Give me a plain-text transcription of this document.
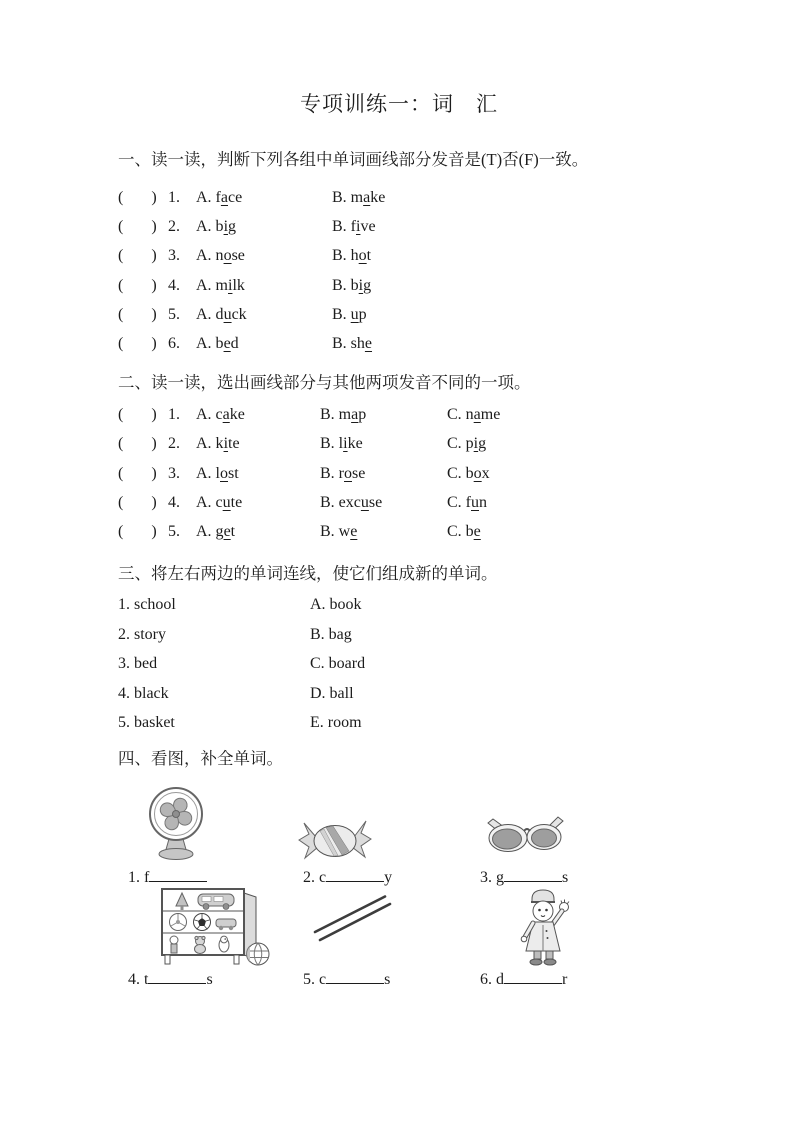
专项训练一：词　汇
一、读一读，判断下列各组中单词画线部分发音是(T)否(F)一致。
(       ) 1.	A. face	B. make
(       ) 2.	A. big	B. five
(       ) 3.	A. nose	B. hot
(       ) 4.	A. milk	B. big
(       ) 5.	A. duck	B. up
(       ) 6.	A. bed	B. she
二、读一读，选出画线部分与其他两项发音不同的一项。
(       ) 1.	A. cake	B. map	C. name
(       ) 2.	A. kite	B. like	C. pig
(       ) 3.	A. lost	B. rose	C. box
(       ) 4.	A. cute	B. excuse	C. fun
(       ) 5.	A. get	B. we	C. be
三、将左右两边的单词连线，使它们组成新的单词。
1. school	A. book
2. story	B. bag
3. bed	C. board
4. black	D. ball
5. basket	E. room
四、看图，补全单词。
1. f	2. c	y	3. g	s
4. t	s	5. c	s	6. d	r
